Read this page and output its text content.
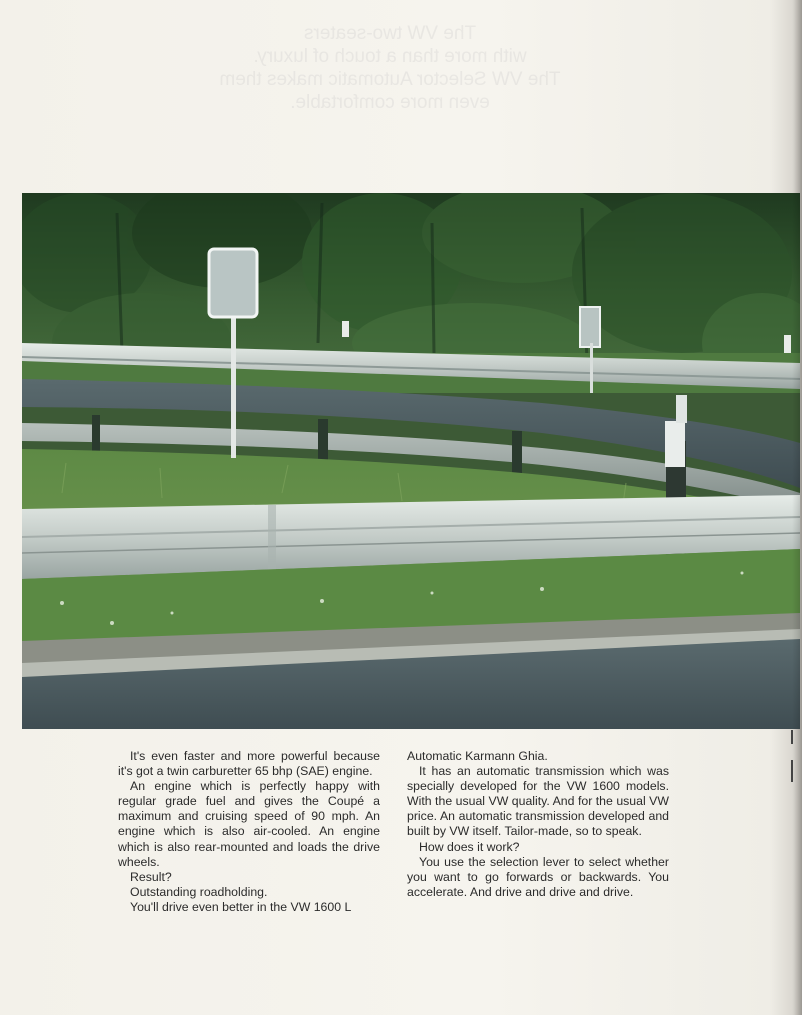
The VW two-seaters
with more than a touch of luxury.
The VW Selector Automatic makes them
even more comfortable.

It's even faster and more powerful because it's got a twin carburetter 65 bhp (SAE) engine.

An engine which is perfectly happy with regular grade fuel and gives the Coupé a maximum and cruising speed of 90 mph. An engine which is also air-cooled. An engine which is also rear-mounted and loads the drive wheels.

Result?

Outstanding roadholding.

You'll drive even better in the VW 1600 L

Automatic Karmann Ghia.

It has an automatic transmission which was specially developed for the VW 1600 models. With the usual VW quality. And for the usual VW price. An automatic transmission developed and built by VW itself. Tailor-made, so to speak.

How does it work?

You use the selection lever to select whether you want to go forwards or backwards. You accelerate. And drive and drive and drive.
